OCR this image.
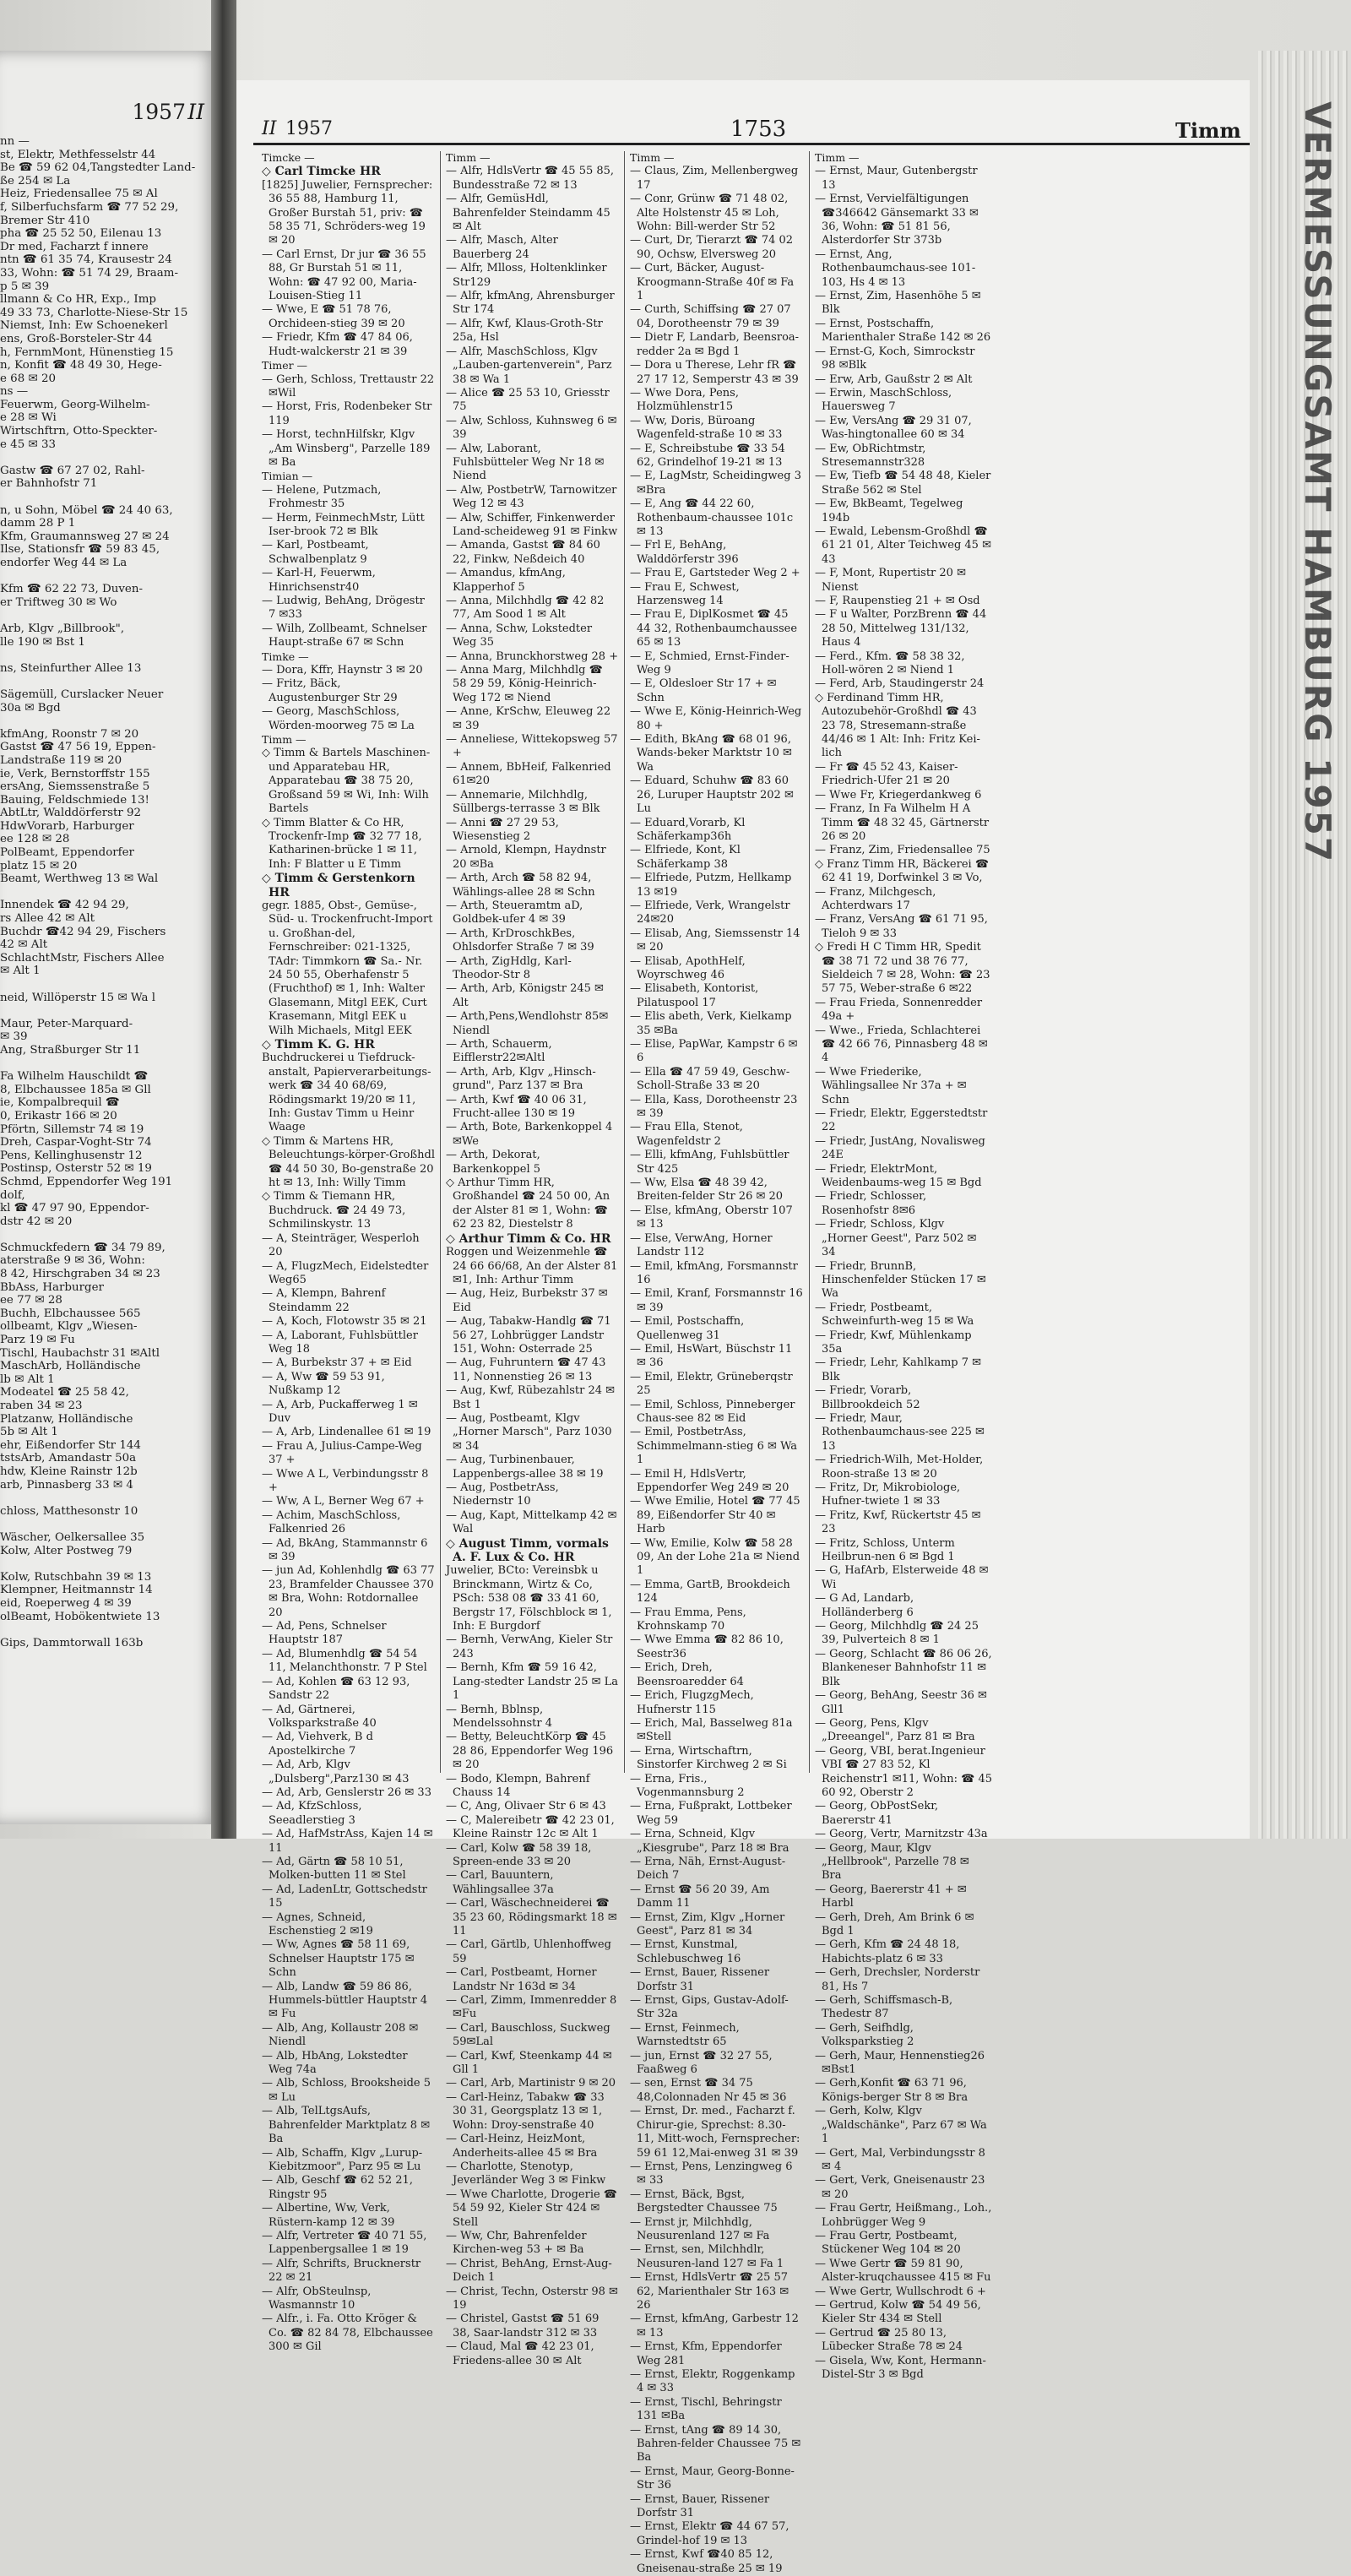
1957 II
nn —
st, Elektr, Methfesselstr 44
Be ☎ 59 62 04,Tangstedter Land-
ße 254 ✉ La
Heiz, Friedensallee 75 ✉ Al
f, Silberfuchsfarm ☎ 77 52 29,
Bremer Str 410
pha ☎ 25 52 50, Eilenau 13
Dr med, Facharzt f innere
ntn ☎ 61 35 74, Krausestr 24
33, Wohn: ☎ 51 74 29, Braam-
p 5 ✉ 39
llmann & Co HR, Exp., Imp
49 33 73, Charlotte-Niese-Str 15
Niemst, Inh: Ew Schoenekerl
ens, Groß-Borsteler-Str 44
h, FernmMont, Hünenstieg 15
n, Konfit ☎ 48 49 30, Hege-
e 68 ✉ 20
ns —
Feuerwm, Georg-Wilhelm-
e 28 ✉ Wi
Wirtschftrn, Otto-Speckter-
e 45 ✉ 33

Gastw ☎ 67 27 02, Rahl-
er Bahnhofstr 71

n, u Sohn, Möbel ☎ 24 40 63,
damm 28 P 1
Kfm, Graumannsweg 27 ✉ 24
Ilse, Stationsfr ☎ 59 83 45,
endorfer Weg 44 ✉ La

Kfm ☎ 62 22 73, Duven-
er Triftweg 30 ✉ Wo

Arb, Klgv „Billbrook",
lle 190 ✉ Bst 1

ns, Steinfurther Allee 13

Sägemüll, Curslacker Neuer
30a ✉ Bgd

kfmAng, Roonstr 7 ✉ 20
Gastst ☎ 47 56 19, Eppen-
Landstraße 119 ✉ 20
ie, Verk, Bernstorffstr 155
ersAng, Siemssenstraße 5
Bauing, Feldschmiede 13!
AbtLtr, Walddörferstr 92
HdwVorarb, Harburger
ee 128 ✉ 28
PolBeamt, Eppendorfer
platz 15 ✉ 20
Beamt, Werthweg 13 ✉ Wal

Innendek ☎ 42 94 29,
rs Allee 42 ✉ Alt
Buchdr ☎42 94 29, Fischers
42 ✉ Alt
SchlachtMstr, Fischers Allee
✉ Alt 1

neid, Willöperstr 15 ✉ Wa l

Maur, Peter-Marquard-
✉ 39
Ang, Straßburger Str 11

Fa Wilhelm Hauschildt ☎
8, Elbchaussee 185a ✉ Gll
ie, Kompalbrequil ☎
0, Erikastr 166 ✉ 20
Pförtn, Sillemstr 74 ✉ 19
Dreh, Caspar-Voght-Str 74
Pens, Kellinghusenstr 12
Postinsp, Osterstr 52 ✉ 19
Schmd, Eppendorfer Weg 191
dolf,
kl ☎ 47 97 90, Eppendor-
dstr 42 ✉ 20

Schmuckfedern ☎ 34 79 89,
aterstraße 9 ✉ 36, Wohn:
8 42, Hirschgraben 34 ✉ 23
BbAss, Harburger
ee 77 ✉ 28
Buchh, Elbchaussee 565
ollbeamt, Klgv „Wiesen-
Parz 19 ✉ Fu
Tischl, Haubachstr 31 ✉Altl
MaschArb, Holländische
lb ✉ Alt 1
Modeatel ☎ 25 58 42,
raben 34 ✉ 23
Platzanw, Holländische
5b ✉ Alt 1
ehr, Eißendorfer Str 144
tstsArb, Amandastr 50a
hdw, Kleine Rainstr 12b
arb, Pinnasberg 33 ✉ 4

chloss, Matthesonstr 10

Wäscher, Oelkersallee 35
Kolw, Alter Postweg 79

Kolw, Rutschbahn 39 ✉ 13
Klempner, Heitmannstr 14
eid, Roeperweg 4 ✉ 39
olBeamt, Hobökentwiete 13

Gips, Dammtorwall 163b
II 1957	1753	Timm
Timcke —
◇ Carl Timcke HR
[1825] Juwelier, Fernsprecher: 36 55 88, Hamburg 11, Großer Burstah 51, priv: ☎ 58 35 71, Schröders-weg 19 ✉ 20
— Carl Ernst, Dr jur ☎ 36 55 88, Gr Burstah 51 ✉ 11, Wohn: ☎ 47 92 00, Maria-Louisen-Stieg 11
— Wwe, E ☎ 51 78 76, Orchideen-stieg 39 ✉ 20
— Friedr, Kfm ☎ 47 84 06, Hudt-walckerstr 21 ✉ 39
Timer —
— Gerh, Schloss, Trettaustr 22 ✉Wil
— Horst, Fris, Rodenbeker Str 119
— Horst, technHilfskr, Klgv „Am Winsberg", Parzelle 189 ✉ Ba
Timian —
— Helene, Putzmach, Frohmestr 35
— Herm, FeinmechMstr, Lütt Iser-brook 72 ✉ Blk
— Karl, Postbeamt, Schwalbenplatz 9
— Karl-H, Feuerwm, Hinrichsenstr40
— Ludwig, BehAng, Drögestr 7 ✉33
— Wilh, Zollbeamt, Schnelser Haupt-straße 67 ✉ Schn
Timke —
— Dora, Kffr, Haynstr 3 ✉ 20
— Fritz, Bäck, Augustenburger Str 29
— Georg, MaschSchloss, Wörden-moorweg 75 ✉ La
Timm —
◇ Timm & Bartels Maschinen- und Apparatebau HR, Apparatebau ☎ 38 75 20, Großsand 59 ✉ Wi, Inh: Wilh Bartels
◇ Timm Blatter & Co HR, Trockenfr-Imp ☎ 32 77 18, Katharinen-brücke 1 ✉ 11, Inh: F Blatter u E Timm
◇ Timm & Gerstenkorn HR
gegr. 1885, Obst-, Gemüse-, Süd- u. Trockenfrucht-Import u. Großhan-del, Fernschreiber: 021-1325, TAdr: Timmkorn ☎ Sa.- Nr. 24 50 55, Oberhafenstr 5 (Fruchthof) ✉ 1, Inh: Walter Glasemann, Mitgl EEK, Curt Krasemann, Mitgl EEK u Wilh Michaels, Mitgl EEK
◇ Timm K. G. HR
Buchdruckerei u Tiefdruck-anstalt, Papierverarbeitungs-werk ☎ 34 40 68/69, Rödingsmarkt 19/20 ✉ 11, Inh: Gustav Timm u Heinr Waage
◇ Timm & Martens HR, Beleuchtungs-körper-Großhdl ☎ 44 50 30, Bo-genstraße 20 ht ✉ 13, Inh: Willy Timm
◇ Timm & Tiemann HR, Buchdruck. ☎ 24 49 73, Schmilinskystr. 13
— A, Steinträger, Wesperloh 20
— A, FlugzMech, Eidelstedter Weg65
— A, Klempn, Bahrenf Steindamm 22
— A, Koch, Flotowstr 35 ✉ 21
— A, Laborant, Fuhlsbüttler Weg 18
— A, Burbekstr 37 + ✉ Eid
— A, Ww ☎ 59 53 91, Nußkamp 12
— A, Arb, Puckafferweg 1 ✉ Duv
— A, Arb, Lindenallee 61 ✉ 19
— Frau A, Julius-Campe-Weg 37 +
— Wwe A L, Verbindungsstr 8 +
— Ww, A L, Berner Weg 67 +
— Achim, MaschSchloss, Falkenried 26
— Ad, BkAng, Stammannstr 6 ✉ 39
— jun Ad, Kohlenhdlg ☎ 63 77 23, Bramfelder Chaussee 370 ✉ Bra, Wohn: Rotdornallee 20
— Ad, Pens, Schnelser Hauptstr 187
— Ad, Blumenhdlg ☎ 54 54 11, Melanchthonstr. 7 P Stel
— Ad, Kohlen ☎ 63 12 93, Sandstr 22
— Ad, Gärtnerei, Volksparkstraße 40
— Ad, Viehverk, B d Apostelkirche 7
— Ad, Arb, Klgv „Dulsberg",Parz130 ✉ 43
— Ad, Arb, Genslerstr 26 ✉ 33
— Ad, KfzSchloss, Seeadlerstieg 3
— Ad, HafMstrAss, Kajen 14 ✉ 11
— Ad, Gärtn ☎ 58 10 51, Molken-butten 11 ✉ Stel
— Ad, LadenLtr, Gottschedstr 15
— Agnes, Schneid, Eschenstieg 2 ✉19
— Ww, Agnes ☎ 58 11 69, Schnelser Hauptstr 175 ✉ Schn
— Alb, Landw ☎ 59 86 86, Hummels-büttler Hauptstr 4 ✉ Fu
— Alb, Ang, Kollaustr 208 ✉Niendl
— Alb, HbAng, Lokstedter Weg 74a
— Alb, Schloss, Brooksheide 5 ✉ Lu
— Alb, TelLtgsAufs, Bahrenfelder Marktplatz 8 ✉ Ba
— Alb, Schaffn, Klgv „Lurup-Kiebitzmoor", Parz 95 ✉ Lu
— Alb, Geschf ☎ 62 52 21, Ringstr 95
— Albertine, Ww, Verk, Rüstern-kamp 12 ✉ 39
— Alfr, Vertreter ☎ 40 71 55, Lappenbergsallee 1 ✉ 19
— Alfr, Schrifts, Brucknerstr 22 ✉ 21
— Alfr, ObSteulnsp, Wasmannstr 10
— Alfr., i. Fa. Otto Kröger & Co. ☎ 82 84 78, Elbchaussee 300 ✉ Gil
Timm —
— Alfr, HdlsVertr ☎ 45 55 85, Bundesstraße 72 ✉ 13
— Alfr, GemüsHdl, Bahrenfelder Steindamm 45 ✉ Alt
— Alfr, Masch, Alter Bauerberg 24
— Alfr, Mlloss, Holtenklinker Str129
— Alfr, kfmAng, Ahrensburger Str 174
— Alfr, Kwf, Klaus-Groth-Str 25a, Hsl
— Alfr, MaschSchloss, Klgv „Lauben-gartenverein", Parz 38 ✉ Wa 1
— Alice ☎ 25 53 10, Griesstr 75
— Alw, Schloss, Kuhnsweg 6 ✉ 39
— Alw, Laborant, Fuhlsbütteler Weg Nr 18 ✉ Niend
— Alw, PostbetrW, Tarnowitzer Weg 12 ✉ 43
— Alw, Schiffer, Finkenwerder Land-scheideweg 91 ✉ Finkw
— Amanda, Gastst ☎ 84 60 22, Finkw, Neßdeich 40
— Amandus, kfmAng, Klapperhof 5
— Anna, Milchhdlg ☎ 42 82 77, Am Sood 1 ✉ Alt
— Anna, Schw, Lokstedter Weg 35
— Anna, Brunckhorstweg 28 +
— Anna Marg, Milchhdlg ☎ 58 29 59, König-Heinrich-Weg 172 ✉ Niend
— Anne, KrSchw, Eleuweg 22 ✉ 39
— Anneliese, Wittekopsweg 57 +
— Annem, BbHeif, Falkenried 61✉20
— Annemarie, Milchhdlg, Süllbergs-terrasse 3 ✉ Blk
— Anni ☎ 27 29 53, Wiesenstieg 2
— Arnold, Klempn, Haydnstr 20 ✉Ba
— Arth, Arch ☎ 58 82 94, Wählings-allee 28 ✉ Schn
— Arth, Steueramtm aD, Goldbek-ufer 4 ✉ 39
— Arth, KrDroschkBes, Ohlsdorfer Straße 7 ✉ 39
— Arth, ZigHdlg, Karl-Theodor-Str 8
— Arth, Arb, Königstr 245 ✉ Alt
— Arth,Pens,Wendlohstr 85✉Niendl
— Arth, Schauerm, Eifflerstr22✉Altl
— Arth, Arb, Klgv „Hinsch-grund", Parz 137 ✉ Bra
— Arth, Kwf ☎ 40 06 31, Frucht-allee 130 ✉ 19
— Arth, Bote, Barkenkoppel 4✉We
— Arth, Dekorat, Barkenkoppel 5
◇ Arthur Timm HR, Großhandel ☎ 24 50 00, An der Alster 81 ✉ 1, Wohn: ☎ 62 23 82, Diestelstr 8
◇ Arthur Timm & Co. HR
Roggen und Weizenmehle ☎ 24 66 66/68, An der Alster 81 ✉1, Inh: Arthur Timm
— Aug, Heiz, Burbekstr 37 ✉ Eid
— Aug, Tabakw-Handlg ☎ 71 56 27, Lohbrügger Landstr 151, Wohn: Osterrade 25
— Aug, Fuhruntern ☎ 47 43 11, Nonnenstieg 26 ✉ 13
— Aug, Kwf, Rübezahlstr 24 ✉ Bst 1
— Aug, Postbeamt, Klgv „Horner Marsch", Parz 1030 ✉ 34
— Aug, Turbinenbauer, Lappenbergs-allee 38 ✉ 19
— Aug, PostbetrAss, Niedernstr 10
— Aug, Kapt, Mittelkamp 42 ✉Wal
◇ August Timm, vormals A. F. Lux & Co. HR
Juwelier, BCto: Vereinsbk u Brinckmann, Wirtz & Co, PSch: 538 08 ☎ 33 41 60, Bergstr 17, Fölschblock ✉ 1, Inh: E Burgdorf
— Bernh, VerwAng, Kieler Str 243
— Bernh, Kfm ☎ 59 16 42, Lang-stedter Landstr 25 ✉ La 1
— Bernh, Bblnsp, Mendelssohnstr 4
— Betty, BeleuchtKörp ☎ 45 28 86, Eppendorfer Weg 196 ✉ 20
— Bodo, Klempn, Bahrenf Chauss 14
— C, Ang, Olivaer Str 6 ✉ 43
— C, Malereibetr ☎ 42 23 01, Kleine Rainstr 12c ✉ Alt 1
— Carl, Kolw ☎ 58 39 18, Spreen-ende 33 ✉ 20
— Carl, Bauuntern, Wählingsallee 37a
— Carl, Wäschechneiderei ☎ 35 23 60, Rödingsmarkt 18 ✉ 11
— Carl, Gärtlb, Uhlenhoffweg 59
— Carl, Postbeamt, Horner Landstr Nr 163d ✉ 34
— Carl, Zimm, Immenredder 8 ✉Fu
— Carl, Bauschloss, Suckweg 59✉Lal
— Carl, Kwf, Steenkamp 44 ✉ Gll 1
— Carl, Arb, Martinistr 9 ✉ 20
— Carl-Heinz, Tabakw ☎ 33 30 31, Georgsplatz 13 ✉ 1, Wohn: Droy-senstraße 40
— Carl-Heinz, HeizMont, Anderheits-allee 45 ✉ Bra
— Charlotte, Stenotyp, Jeverländer Weg 3 ✉ Finkw
— Wwe Charlotte, Drogerie ☎ 54 59 92, Kieler Str 424 ✉ Stell
— Ww, Chr, Bahrenfelder Kirchen-weg 53 + ✉ Ba
— Christ, BehAng, Ernst-Aug-Deich 1
— Christ, Techn, Osterstr 98 ✉ 19
— Christel, Gastst ☎ 51 69 38, Saar-landstr 312 ✉ 33
— Claud, Mal ☎ 42 23 01, Friedens-allee 30 ✉ Alt
Timm —
— Claus, Zim, Mellenbergweg 17
— Conr, Grünw ☎ 71 48 02, Alte Holstenstr 45 ✉ Loh, Wohn: Bill-werder Str 52
— Curt, Dr, Tierarzt ☎ 74 02 90, Ochsw, Elversweg 20
— Curt, Bäcker, August-Kroogmann-Straße 40f ✉ Fa 1
— Curth, Schiffsing ☎ 27 07 04, Dorotheenstr 79 ✉ 39
— Dietr F, Landarb, Beensroa-redder 2a ✉ Bgd 1
— Dora u Therese, Lehr fR ☎ 27 17 12, Semperstr 43 ✉ 39
— Wwe Dora, Pens, Holzmühlenstr15
— Ww, Doris, Büroang Wagenfeld-straße 10 ✉ 33
— E, Schreibstube ☎ 33 54 62, Grindelhof 19-21 ✉ 13
— E, LagMstr, Scheidingweg 3 ✉Bra
— E, Ang ☎ 44 22 60, Rothenbaum-chaussee 101c ✉ 13
— Frl E, BehAng, Walddörferstr 396
— Frau E, Gartsteder Weg 2 +
— Frau E, Schwest, Harzensweg 14
— Frau E, DiplKosmet ☎ 45 44 32, Rothenbaumchaussee 65 ✉ 13
— E, Schmied, Ernst-Finder-Weg 9
— E, Oldesloer Str 17 + ✉ Schn
— Wwe E, König-Heinrich-Weg 80 +
— Edith, BkAng ☎ 68 01 96, Wands-beker Marktstr 10 ✉ Wa
— Eduard, Schuhw ☎ 83 60 26, Luruper Hauptstr 202 ✉ Lu
— Eduard,Vorarb, Kl Schäferkamp36h
— Elfriede, Kont, Kl Schäferkamp 38
— Elfriede, Putzm, Hellkamp 13 ✉19
— Elfriede, Verk, Wrangelstr 24✉20
— Elisab, Ang, Siemssenstr 14 ✉ 20
— Elisab, ApothHelf, Woyrschweg 46
— Elisabeth, Kontorist, Pilatuspool 17
— Elis abeth, Verk, Kielkamp 35 ✉Ba
— Elise, PapWar, Kampstr 6 ✉ 6
— Ella ☎ 47 59 49, Geschw-Scholl-Straße 33 ✉ 20
— Ella, Kass, Dorotheenstr 23 ✉ 39
— Frau Ella, Stenot, Wagenfeldstr 2
— Elli, kfmAng, Fuhlsbüttler Str 425
— Ww, Elsa ☎ 48 39 42, Breiten-felder Str 26 ✉ 20
— Else, kfmAng, Oberstr 107 ✉ 13
— Else, VerwAng, Horner Landstr 112
— Emil, kfmAng, Forsmannstr 16
— Emil, Kranf, Forsmannstr 16 ✉ 39
— Emil, Postschaffn, Quellenweg 31
— Emil, HsWart, Büschstr 11 ✉ 36
— Emil, Elektr, Grüneberqstr 25
— Emil, Schloss, Pinneberger Chaus-see 82 ✉ Eid
— Emil, PostbetrAss, Schimmelmann-stieg 6 ✉ Wa 1
— Emil H, HdlsVertr, Eppendorfer Weg 249 ✉ 20
— Wwe Emilie, Hotel ☎ 77 45 89, Eißendorfer Str 40 ✉ Harb
— Ww, Emilie, Kolw ☎ 58 28 09, An der Lohe 21a ✉ Niend 1
— Emma, GartB, Brookdeich 124
— Frau Emma, Pens, Krohnskamp 70
— Wwe Emma ☎ 82 86 10, Seestr36
— Erich, Dreh, Beensroaredder 64
— Erich, FlugzgMech, Hufnerstr 115
— Erich, Mal, Basselweg 81a ✉Stell
— Erna, Wirtschaftrn, Sinstorfer Kirchweg 2 ✉ Si
— Erna, Fris., Vogenmannsburg 2
— Erna, Fußprakt, Lottbeker Weg 59
— Erna, Schneid, Klgv „Kiesgrube", Parz 18 ✉ Bra
— Erna, Näh, Ernst-August-Deich 7
— Ernst ☎ 56 20 39, Am Damm 11
— Ernst, Zim, Klgv „Horner Geest", Parz 81 ✉ 34
— Ernst, Kunstmal, Schlebuschweg 16
— Ernst, Bauer, Rissener Dorfstr 31
— Ernst, Gips, Gustav-Adolf-Str 32a
— Ernst, Feinmech, Warnstedtstr 65
— jun, Ernst ☎ 32 27 55, Faaßweg 6
— sen, Ernst ☎ 34 75 48,Colonnaden Nr 45 ✉ 36
— Ernst, Dr. med., Facharzt f. Chirur-gie, Sprechst: 8.30-11, Mitt-woch, Fernsprecher: 59 61 12,Mai-enweg 31 ✉ 39
— Ernst, Pens, Lenzingweg 6 ✉ 33
— Ernst, Bäck, Bgst, Bergstedter Chaussee 75
— Ernst jr, Milchhdlg, Neusurenland 127 ✉ Fa
— Ernst, sen, Milchhdlr, Neusuren-land 127 ✉ Fa 1
— Ernst, HdlsVertr ☎ 25 57 62, Marienthaler Str 163 ✉ 26
— Ernst, kfmAng, Garbestr 12 ✉ 13
— Ernst, Kfm, Eppendorfer Weg 281
— Ernst, Elektr, Roggenkamp 4 ✉ 33
— Ernst, Tischl, Behringstr 131 ✉Ba
— Ernst, tAng ☎ 89 14 30, Bahren-felder Chaussee 75 ✉ Ba
— Ernst, Maur, Georg-Bonne-Str 36
— Ernst, Bauer, Rissener Dorfstr 31
— Ernst, Elektr ☎ 44 67 57, Grindel-hof 19 ✉ 13
— Ernst, Kwf ☎40 85 12, Gneisenau-straße 25 ✉ 19
Timm —
— Ernst, Maur, Gutenbergstr 13
— Ernst, Vervielfältigungen ☎346642 Gänsemarkt 33 ✉ 36, Wohn: ☎ 51 81 56, Alsterdorfer Str 373b
— Ernst, Ang, Rothenbaumchaus-see 101-103, Hs 4 ✉ 13
— Ernst, Zim, Hasenhöhe 5 ✉ Blk
— Ernst, Postschaffn, Marienthaler Straße 142 ✉ 26
— Ernst-G, Koch, Simrockstr 98 ✉Blk
— Erw, Arb, Gaußstr 2 ✉ Alt
— Erwin, MaschSchloss, Hauersweg 7
— Ew, VersAng ☎ 29 31 07, Was-hingtonallee 60 ✉ 34
— Ew, ObRichtmstr, Stresemannstr328
— Ew, Tiefb ☎ 54 48 48, Kieler Straße 562 ✉ Stel
— Ew, BkBeamt, Tegelweg 194b
— Ewald, Lebensm-Großhdl ☎ 61 21 01, Alter Teichweg 45 ✉43
— F, Mont, Rupertistr 20 ✉ Nienst
— F, Raupenstieg 21 + ✉ Osd
— F u Walter, PorzBrenn ☎ 44 28 50, Mittelweg 131/132, Haus 4
— Ferd., Kfm. ☎ 58 38 32, Holl-wören 2 ✉ Niend 1
— Ferd, Arb, Staudingerstr 24
◇ Ferdinand Timm HR, Autozubehör-Großhdl ☎ 43 23 78, Stresemann-straße 44/46 ✉ 1 Alt: Inh: Fritz Kei-lich
— Fr ☎ 45 52 43, Kaiser-Friedrich-Ufer 21 ✉ 20
— Wwe Fr, Kriegerdankweg 6
— Franz, In Fa Wilhelm H A Timm ☎ 48 32 45, Gärtnerstr 26 ✉ 20
— Franz, Zim, Friedensallee 75
◇ Franz Timm HR, Bäckerei ☎ 62 41 19, Dorfwinkel 3 ✉ Vo,
— Franz, Milchgesch, Achterdwars 17
— Franz, VersAng ☎ 61 71 95, Tieloh 9 ✉ 33
◇ Fredi H C Timm HR, Spedit ☎ 38 71 72 und 38 76 77, Sieldeich 7 ✉ 28, Wohn: ☎ 23 57 75, Weber-straße 6 ✉22
— Frau Frieda, Sonnenredder 49a +
— Wwe., Frieda, Schlachterei ☎ 42 66 76, Pinnasberg 48 ✉ 4
— Wwe Friederike, Wählingsallee Nr 37a + ✉ Schn
— Friedr, Elektr, Eggerstedtstr 22
— Friedr, JustAng, Novalisweg 24E
— Friedr, ElektrMont, Weidenbaums-weg 15 ✉ Bgd
— Friedr, Schlosser, Rosenhofstr 8✉6
— Friedr, Schloss, Klgv „Horner Geest", Parz 502 ✉ 34
— Friedr, BrunnB, Hinschenfelder Stücken 17 ✉ Wa
— Friedr, Postbeamt, Schweinfurth-weg 15 ✉ Wa
— Friedr, Kwf, Mühlenkamp 35a
— Friedr, Lehr, Kahlkamp 7 ✉ Blk
— Friedr, Vorarb, Billbrookdeich 52
— Friedr, Maur, Rothenbaumchaus-see 225 ✉ 13
— Friedrich-Wilh, Met-Holder, Roon-straße 13 ✉ 20
— Fritz, Dr, Mikrobiologe, Hufner-twiete 1 ✉ 33
— Fritz, Kwf, Rückertstr 45 ✉ 23
— Fritz, Schloss, Unterm Heilbrun-nen 6 ✉ Bgd 1
— G, HafArb, Elsterweide 48 ✉Wi
— G Ad, Landarb, Holländerberg 6
— Georg, Milchhdlg ☎ 24 25 39, Pulverteich 8 ✉ 1
— Georg, Schlacht ☎ 86 06 26, Blankeneser Bahnhofstr 11 ✉ Blk
— Georg, BehAng, Seestr 36 ✉Gll1
— Georg, Pens, Klgv „Dreeangel", Parz 81 ✉ Bra
— Georg, VBI, berat.Ingenieur VBI ☎ 27 83 52, Kl Reichenstr1 ✉11, Wohn: ☎ 45 60 92, Oberstr 2
— Georg, ObPostSekr, Baererstr 41
— Georg, Vertr, Marnitzstr 43a
— Georg, Maur, Klgv „Hellbrook", Parzelle 78 ✉ Bra
— Georg, Baererstr 41 + ✉ Harbl
— Gerh, Dreh, Am Brink 6 ✉ Bgd 1
— Gerh, Kfm ☎ 24 48 18, Habichts-platz 6 ✉ 33
— Gerh, Drechsler, Norderstr 81, Hs 7
— Gerh, Schiffsmasch-B, Thedestr 87
— Gerh, Seifhdlg, Volksparkstieg 2
— Gerh, Maur, Hennenstieg26 ✉Bst1
— Gerh,Konfit ☎ 63 71 96, Königs-berger Str 8 ✉ Bra
— Gerh, Kolw, Klgv „Waldschänke", Parz 67 ✉ Wa 1
— Gert, Mal, Verbindungsstr 8 ✉ 4
— Gert, Verk, Gneisenaustr 23 ✉ 20
— Frau Gertr, Heißmang., Loh., Lohbrügger Weg 9
— Frau Gertr, Postbeamt, Stückener Weg 104 ✉ 20
— Wwe Gertr ☎ 59 81 90, Alster-kruqchaussee 415 ✉ Fu
— Wwe Gertr, Wullschrodt 6 +
— Gertrud, Kolw ☎ 54 49 56, Kieler Str 434 ✉ Stell
— Gertrud ☎ 25 80 13, Lübecker Straße 78 ✉ 24
— Gisela, Ww, Kont, Hermann-Distel-Str 3 ✉ Bgd
VERMESSUNGSAMT HAMBURG 1957
